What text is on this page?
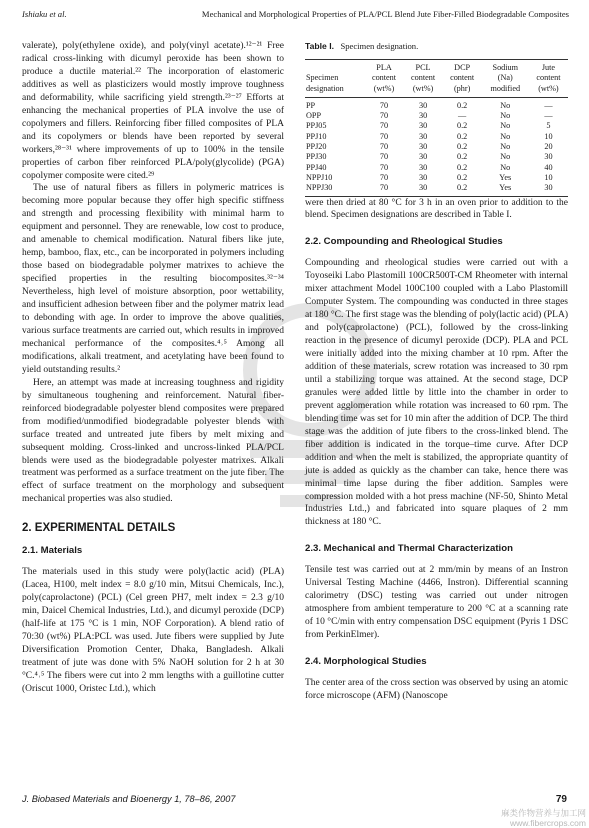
Ishiaku et al.	Mechanical and Morphological Properties of PLA/PCL Blend Jute Fiber-Filled Biodegradable Composites

valerate), poly(ethylene oxide), and poly(vinyl acetate).¹²⁻²¹ Free radical cross-linking with dicumyl peroxide has been shown to produce a ductile material.²² The incorporation of elastomeric additives as well as plasticizers would mostly improve toughness and deformability, while sacrificing yield strength.²³⁻²⁷ Efforts at enhancing the mechanical properties of PLA involve the use of copolymers and fillers. Reinforcing fiber filled composites of PLA and its copolymers or blends have been reported by several workers,²⁸⁻³¹ where improvements of up to 100% in the tensile properties of carbon fiber reinforced PLA/poly(glycolide) (PGA) copolymer composite were cited.²⁹

The use of natural fibers as fillers in polymeric matrices is becoming more popular because they offer high specific stiffness and strength and processing flexibility with minimal harm to equipment and personnel. They are renewable, low cost to produce, and amenable to chemical modification. Natural fibers like jute, hemp, bamboo, flax, etc., can be incorporated in polymers including those based on biodegradable polymer matrixes to achieve the specified properties in the resulting biocomposites.³²⁻³⁴ Nevertheless, high level of moisture absorption, poor wettability, and insufficient adhesion between fiber and the polymer matrix lead to debonding with age. In order to improve the above qualities, various surface treatments are carried out, which results in improved mechanical performance of the composites.⁴˒⁵ Among all modifications, alkali treatment, and acetylating have been found to yield outstanding results.²

Here, an attempt was made at increasing toughness and rigidity by simultaneous toughening and reinforcement. Natural fiber-reinforced biodegradable polyester blend composites were prepared from modified/unmodified biodegradable polyester blends with surface treated and untreated jute fibers by melt mixing and subsequent molding. Cross-linked and uncross-linked PLA/PCL blends were used as the biodegradable polyester matrixes. Alkali treatment was performed as a surface treatment on the jute fiber. The effect of surface treatment on the morphology and subsequent mechanical properties was also studied.

2. EXPERIMENTAL DETAILS
2.1. Materials

The materials used in this study were poly(lactic acid) (PLA) (Lacea, H100, melt index = 8.0 g/10 min, Mitsui Chemicals, Inc.), poly(caprolactone) (PCL) (Cel green PH7, melt index = 2.3 g/10 min, Daicel Chemical Industries, Ltd.), and dicumyl peroxide (DCP) (half-life at 175 °C is 1 min, NOF Corporation). A blend ratio of 70:30 (wt%) PLA:PCL was used. Jute fibers were supplied by Jute Diversification Promotion Center, Dhaka, Bangladesh. Alkali treatment of jute was done with 5% NaOH solution for 2 h at 30 °C.⁴˒⁵ The fibers were cut into 2 mm lengths with a guillotine cutter (Oriscut 1000, Oristec Ltd.), which

Table I. Specimen designation.
Specimen
designation	PLA
content
(wt%)	PCL
content
(wt%)	DCP
content
(phr)	Sodium
(Na)
modified	Jute
content
(wt%)
PP	70	30	0.2	No	—
OPP	70	30	—	No	—
PPJ05	70	30	0.2	No	5
PPJ10	70	30	0.2	No	10
PPJ20	70	30	0.2	No	20
PPJ30	70	30	0.2	No	30
PPJ40	70	30	0.2	No	40
NPPJ10	70	30	0.2	Yes	10
NPPJ30	70	30	0.2	Yes	30

were then dried at 80 °C for 3 h in an oven prior to addition to the blend. Specimen designations are described in Table I.

2.2. Compounding and Rheological Studies

Compounding and rheological studies were carried out with a Toyoseiki Labo Plastomill 100CR500T-CM Rheometer with internal mixer attachment Model 100C100 coupled with a Labo Plastomill Computer System. The compounding was conducted in three stages at 180 °C. The first stage was the blending of poly(lactic acid) (PLA) and poly(caprolactone) (PCL), followed by the cross-linking reaction in the presence of dicumyl peroxide (DCP). PLA and PCL were initially added into the mixing chamber at 10 rpm. After the addition of these materials, screw rotation was increased to 30 rpm until a stabilizing torque was attained. At the second stage, DCP granules were added little by little into the chamber in order to prevent agglomeration while rotation was increased to 60 rpm. The blending time was set for 10 min after the addition of DCP. The third stage was the addition of jute fibers to the cross-linked blend. The fiber addition is indicated in the torque–time curve. After DCP addition and when the melt is stabilized, the appropriate quantity of jute is added as quickly as the chamber can take, hence there was minimal time lapse during the fiber addition. Samples were compression molded with a hot press machine (NF-50, Shinto Metal Industries Ltd.,) and fabricated into square plaques of 2 mm thickness at 180 °C.

2.3. Mechanical and Thermal Characterization

Tensile test was carried out at 2 mm/min by means of an Instron Universal Testing Machine (4466, Instron). Differential scanning calorimetry (DSC) testing was carried out under nitrogen atmosphere from ambient temperature to 200 °C at a scanning rate of 10 °C/min with entry compensation DSC equipment (Pyris 1 DSC from PerkinElmer).

2.4. Morphological Studies

The center area of the cross section was observed by using an atomic force microscope (AFM) (Nanoscope

J. Biobased Materials and Bioenergy 1, 78–86, 2007	79
麻类作物营养与加工网
www.fibercrops.com
